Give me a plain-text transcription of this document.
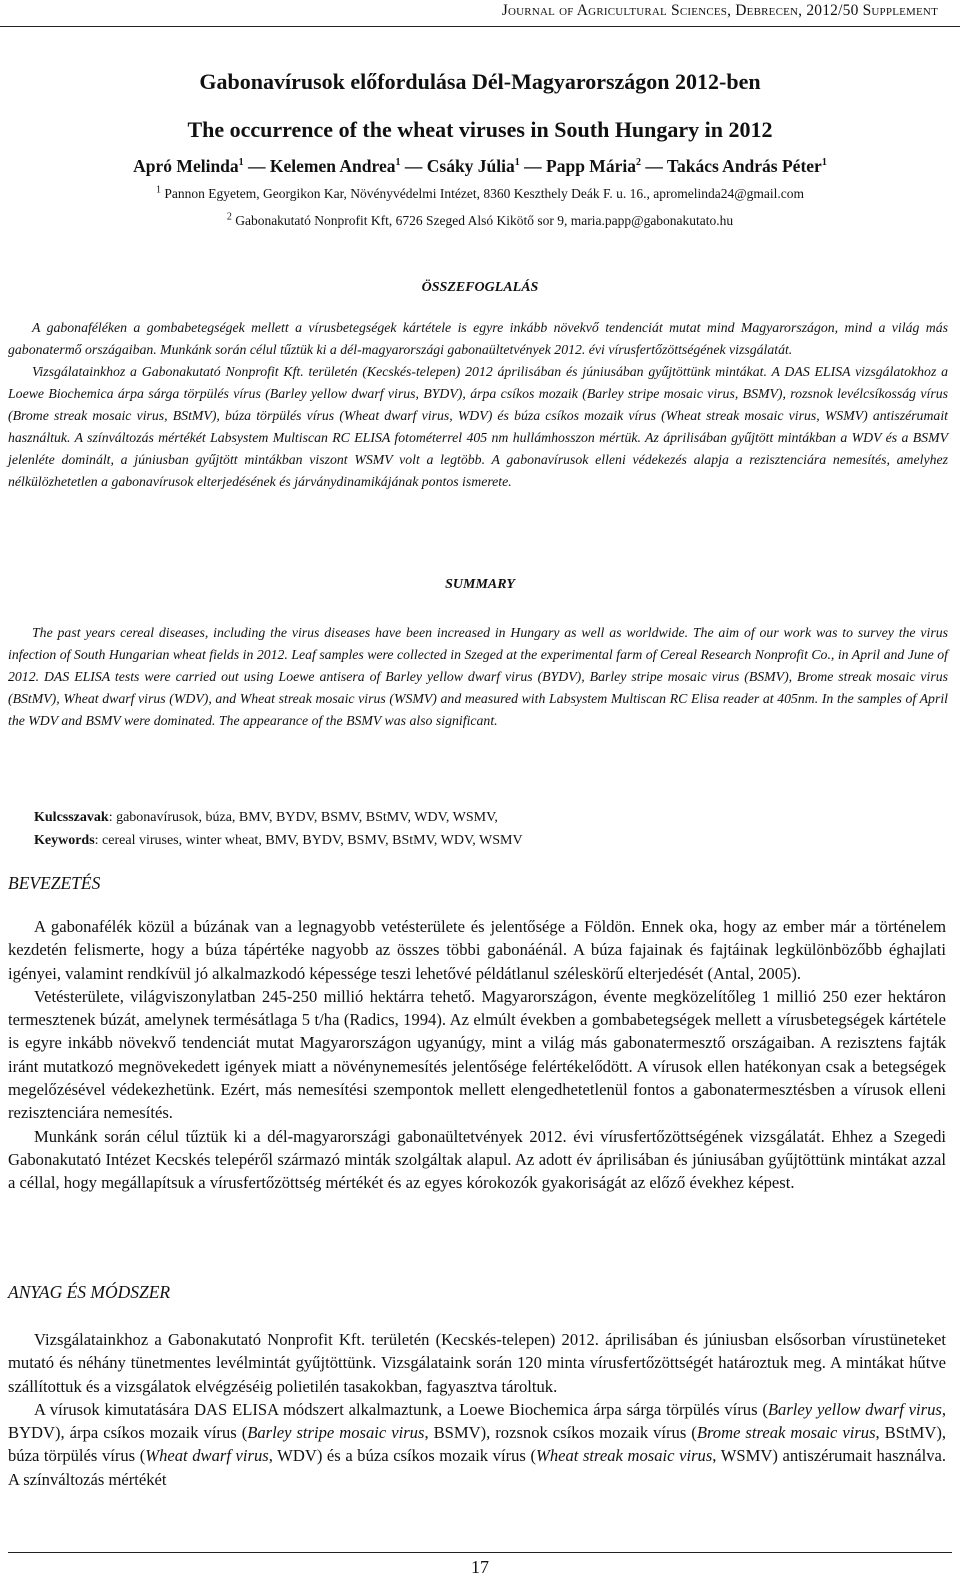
Journal of Agricultural Sciences, Debrecen, 2012/50 Supplement
Gabonavírusok előfordulása Dél-Magyarországon 2012-ben
The occurrence of the wheat viruses in South Hungary in 2012
Apró Melinda$^1$ — Kelemen Andrea$^1$ — Csáky Júlia$^1$ — Papp Mária$^2$ — Takács András Péter$^1$
$^1$ Pannon Egyetem, Georgikon Kar, Növényvédelmi Intézet, 8360 Keszthely Deák F. u. 16., apromelinda24@gmail.com
$^2$ Gabonakutató Nonprofit Kft, 6726 Szeged Alsó Kikötő sor 9, maria.papp@gabonakutato.hu
ÖSSZEFOGLALÁS

A gabonaféléken a gombabetegségek mellett a vírusbetegségek kártétele is egyre inkább növekvő tendenciát mutat mind Magyarországon, mind a világ más gabonatermő országaiban. Munkánk során célul tűztük ki a dél-magyarországi gabonaültetvények 2012. évi vírusfertőzöttségének vizsgálatát.

Vizsgálatainkhoz a Gabonakutató Nonprofit Kft. területén (Kecskés-telepen) 2012 áprilisában és júniusában gyűjtöttünk mintákat. A DAS ELISA vizsgálatokhoz a Loewe Biochemica árpa sárga törpülés vírus (Barley yellow dwarf virus, BYDV), árpa csíkos mozaik (Barley stripe mosaic virus, BSMV), rozsnok levélcsíkosság vírus (Brome streak mosaic virus, BStMV), búza törpülés vírus (Wheat dwarf virus, WDV) és búza csíkos mozaik vírus (Wheat streak mosaic virus, WSMV) antiszérumait használtuk. A színváltozás mértékét Labsystem Multiscan RC ELISA fotométerrel 405 nm hullámhosszon mértük. Az áprilisában gyűjtött mintákban a WDV és a BSMV jelenléte dominált, a júniusban gyűjtött mintákban viszont WSMV volt a legtöbb. A gabonavírusok elleni védekezés alapja a rezisztenciára nemesítés, amelyhez nélkülözhetetlen a gabonavírusok elterjedésének és járványdinamikájának pontos ismerete.

SUMMARY

The past years cereal diseases, including the virus diseases have been increased in Hungary as well as worldwide. The aim of our work was to survey the virus infection of South Hungarian wheat fields in 2012. Leaf samples were collected in Szeged at the experimental farm of Cereal Research Nonprofit Co., in April and June of 2012. DAS ELISA tests were carried out using Loewe antisera of Barley yellow dwarf virus (BYDV), Barley stripe mosaic virus (BSMV), Brome streak mosaic virus (BStMV), Wheat dwarf virus (WDV), and Wheat streak mosaic virus (WSMV) and measured with Labsystem Multiscan RC Elisa reader at 405nm. In the samples of April the WDV and BSMV were dominated. The appearance of the BSMV was also significant.

Kulcsszavak: gabonavírusok, búza, BMV, BYDV, BSMV, BStMV, WDV, WSMV,
Keywords: cereal viruses, winter wheat, BMV, BYDV, BSMV, BStMV, WDV, WSMV
BEVEZETÉS

A gabonafélék közül a búzának van a legnagyobb vetésterülete és jelentősége a Földön. Ennek oka, hogy az ember már a történelem kezdetén felismerte, hogy a búza tápértéke nagyobb az összes többi gabonáénál. A búza fajainak és fajtáinak legkülönbözőbb éghajlati igényei, valamint rendkívül jó alkalmazkodó képessége teszi lehetővé példátlanul széleskörű elterjedését (Antal, 2005).

Vetésterülete, világviszonylatban 245-250 millió hektárra tehető. Magyarországon, évente megközelítőleg 1 millió 250 ezer hektáron termesztenek búzát, amelynek termésátlaga 5 t/ha (Radics, 1994). Az elmúlt években a gombabetegségek mellett a vírusbetegségek kártétele is egyre inkább növekvő tendenciát mutat Magyarországon ugyanúgy, mint a világ más gabonatermesztő országaiban. A rezisztens fajták iránt mutatkozó megnövekedett igények miatt a növénynemesítés jelentősége felértékelődött. A vírusok ellen hatékonyan csak a betegségek megelőzésével védekezhetünk. Ezért, más nemesítési szempontok mellett elengedhetetlenül fontos a gabonatermesztésben a vírusok elleni rezisztenciára nemesítés.

Munkánk során célul tűztük ki a dél-magyarországi gabonaültetvények 2012. évi vírusfertőzöttségének vizsgálatát. Ehhez a Szegedi Gabonakutató Intézet Kecskés telepéről származó minták szolgáltak alapul. Az adott év áprilisában és júniusában gyűjtöttünk mintákat azzal a céllal, hogy megállapítsuk a vírusfertőzöttség mértékét és az egyes kórokozók gyakoriságát az előző évekhez képest.

ANYAG ÉS MÓDSZER

Vizsgálatainkhoz a Gabonakutató Nonprofit Kft. területén (Kecskés-telepen) 2012. áprilisában és júniusban elsősorban vírustüneteket mutató és néhány tünetmentes levélmintát gyűjtöttünk. Vizsgálataink során 120 minta vírusfertőzöttségét határoztuk meg. A mintákat hűtve szállítottuk és a vizsgálatok elvégzéséig polietilén tasakokban, fagyasztva tároltuk.

A vírusok kimutatására DAS ELISA módszert alkalmaztunk, a Loewe Biochemica árpa sárga törpülés vírus (Barley yellow dwarf virus, BYDV), árpa csíkos mozaik vírus (Barley stripe mosaic virus, BSMV), rozsnok csíkos mozaik vírus (Brome streak mosaic virus, BStMV), búza törpülés vírus (Wheat dwarf virus, WDV) és a búza csíkos mozaik vírus (Wheat streak mosaic virus, WSMV) antiszérumait használva. A színváltozás mértékét

17
